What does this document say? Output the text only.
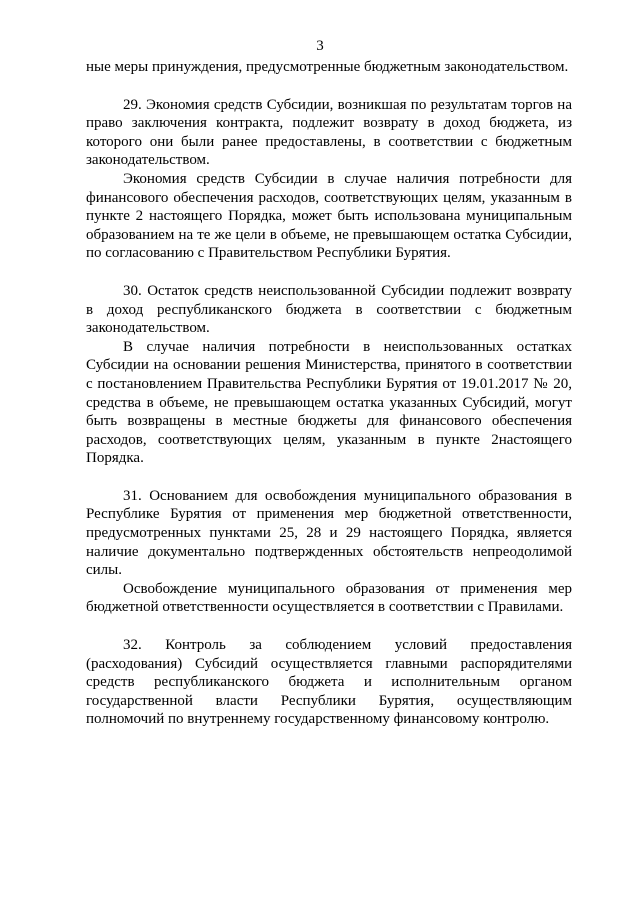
3

ные меры принуждения, предусмотренные бюджетным законодательством.

29. Экономия средств Субсидии, возникшая по результатам торгов на право заключения контракта, подлежит возврату в доход бюджета, из которого они были ранее предоставлены, в соответствии с бюджетным законодательством.

Экономия средств Субсидии в случае наличия потребности для финансового обеспечения расходов, соответствующих целям, указанным в пункте 2 настоящего Порядка, может быть использована муниципальным образованием на те же цели в объеме, не превышающем остатка Субсидии, по согласованию с Правительством Республики Бурятия.

30. Остаток средств неиспользованной Субсидии подлежит возврату в доход республиканского бюджета в соответствии с бюджетным законодательством.

В случае наличия потребности в неиспользованных остатках Субсидии на основании решения Министерства, принятого в соответствии с постановлением Правительства Республики Бурятия от 19.01.2017 № 20, средства в объеме, не превышающем остатка указанных Субсидий, могут быть возвращены в местные бюджеты для финансового обеспечения расходов, соответствующих целям, указанным в пункте 2настоящего Порядка.

31. Основанием для освобождения муниципального образования в Республике Бурятия от применения мер бюджетной ответственности, предусмотренных пунктами 25, 28 и 29 настоящего Порядка, является наличие документально подтвержденных обстоятельств непреодолимой силы.

Освобождение муниципального образования от применения мер бюджетной ответственности осуществляется в соответствии с Правилами.

32. Контроль за соблюдением условий предоставления (расходования) Субсидий осуществляется главными распорядителями средств республиканского бюджета и исполнительным органом государственной власти Республики Бурятия, осуществляющим полномочий по внутреннему государственному финансовому контролю.
